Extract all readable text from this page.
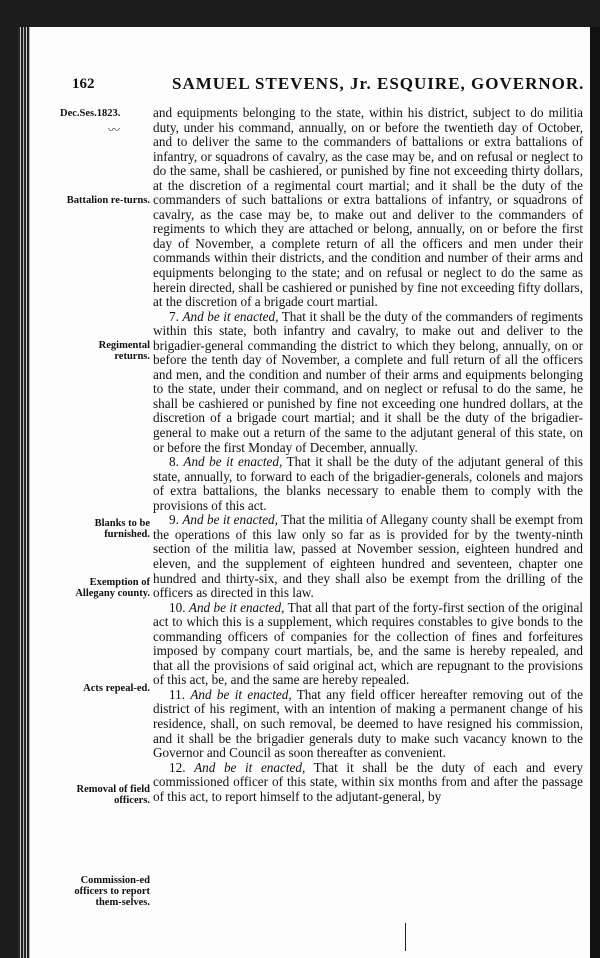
162	SAMUEL STEVENS, Jr. ESQUIRE, GOVERNOR.
Dec.Ses.1823.
〰
Battalion re-turns.
Regimental returns.
Blanks to be furnished.
Exemption of Allegany county.
Acts repeal-ed.
Removal of field officers.
Commission-ed officers to report them-selves.

and equipments belonging to the state, within his district, subject to do militia duty, under his command, annually, on or before the twentieth day of October, and to deliver the same to the commanders of battalions or extra battalions of infantry, or squadrons of cavalry, as the case may be, and on refusal or neglect to do the same, shall be cashiered, or punished by fine not exceeding thirty dollars, at the discretion of a regimental court martial; and it shall be the duty of the commanders of such battalions or extra battalions of infantry, or squadrons of cavalry, as the case may be, to make out and deliver to the commanders of regiments to which they are attached or belong, annually, on or before the first day of November, a complete return of all the officers and men under their commands within their districts, and the condition and number of their arms and equipments belonging to the state; and on refusal or neglect to do the same as herein directed, shall be cashiered or punished by fine not exceeding fifty dollars, at the discretion of a brigade court martial.

7. And be it enacted, That it shall be the duty of the commanders of regiments within this state, both infantry and cavalry, to make out and deliver to the brigadier-general commanding the district to which they belong, annually, on or before the tenth day of November, a complete and full return of all the officers and men, and the condition and number of their arms and equipments belonging to the state, under their command, and on neglect or refusal to do the same, he shall be cashiered or punished by fine not exceeding one hundred dollars, at the discretion of a brigade court martial; and it shall be the duty of the brigadier-general to make out a return of the same to the adjutant general of this state, on or before the first Monday of December, annually.

8. And be it enacted, That it shall be the duty of the adjutant general of this state, annually, to forward to each of the brigadier-generals, colonels and majors of extra battalions, the blanks necessary to enable them to comply with the provisions of this act.

9. And be it enacted, That the militia of Allegany county shall be exempt from the operations of this law only so far as is provided for by the twenty-ninth section of the militia law, passed at November session, eighteen hundred and eleven, and the supplement of eighteen hundred and seventeen, chapter one hundred and thirty-six, and they shall also be exempt from the drilling of the officers as directed in this law.

10. And be it enacted, That all that part of the forty-first section of the original act to which this is a supplement, which requires constables to give bonds to the commanding officers of companies for the collection of fines and forfeitures imposed by company court martials, be, and the same is hereby repealed, and that all the provisions of said original act, which are repugnant to the provisions of this act, be, and the same are hereby repealed.

11. And be it enacted, That any field officer hereafter removing out of the district of his regiment, with an intention of making a permanent change of his residence, shall, on such removal, be deemed to have resigned his commission, and it shall be the brigadier generals duty to make such vacancy known to the Governor and Council as soon thereafter as convenient.

12. And be it enacted, That it shall be the duty of each and every commissioned officer of this state, within six months from and after the passage of this act, to report himself to the adjutant-general, by
